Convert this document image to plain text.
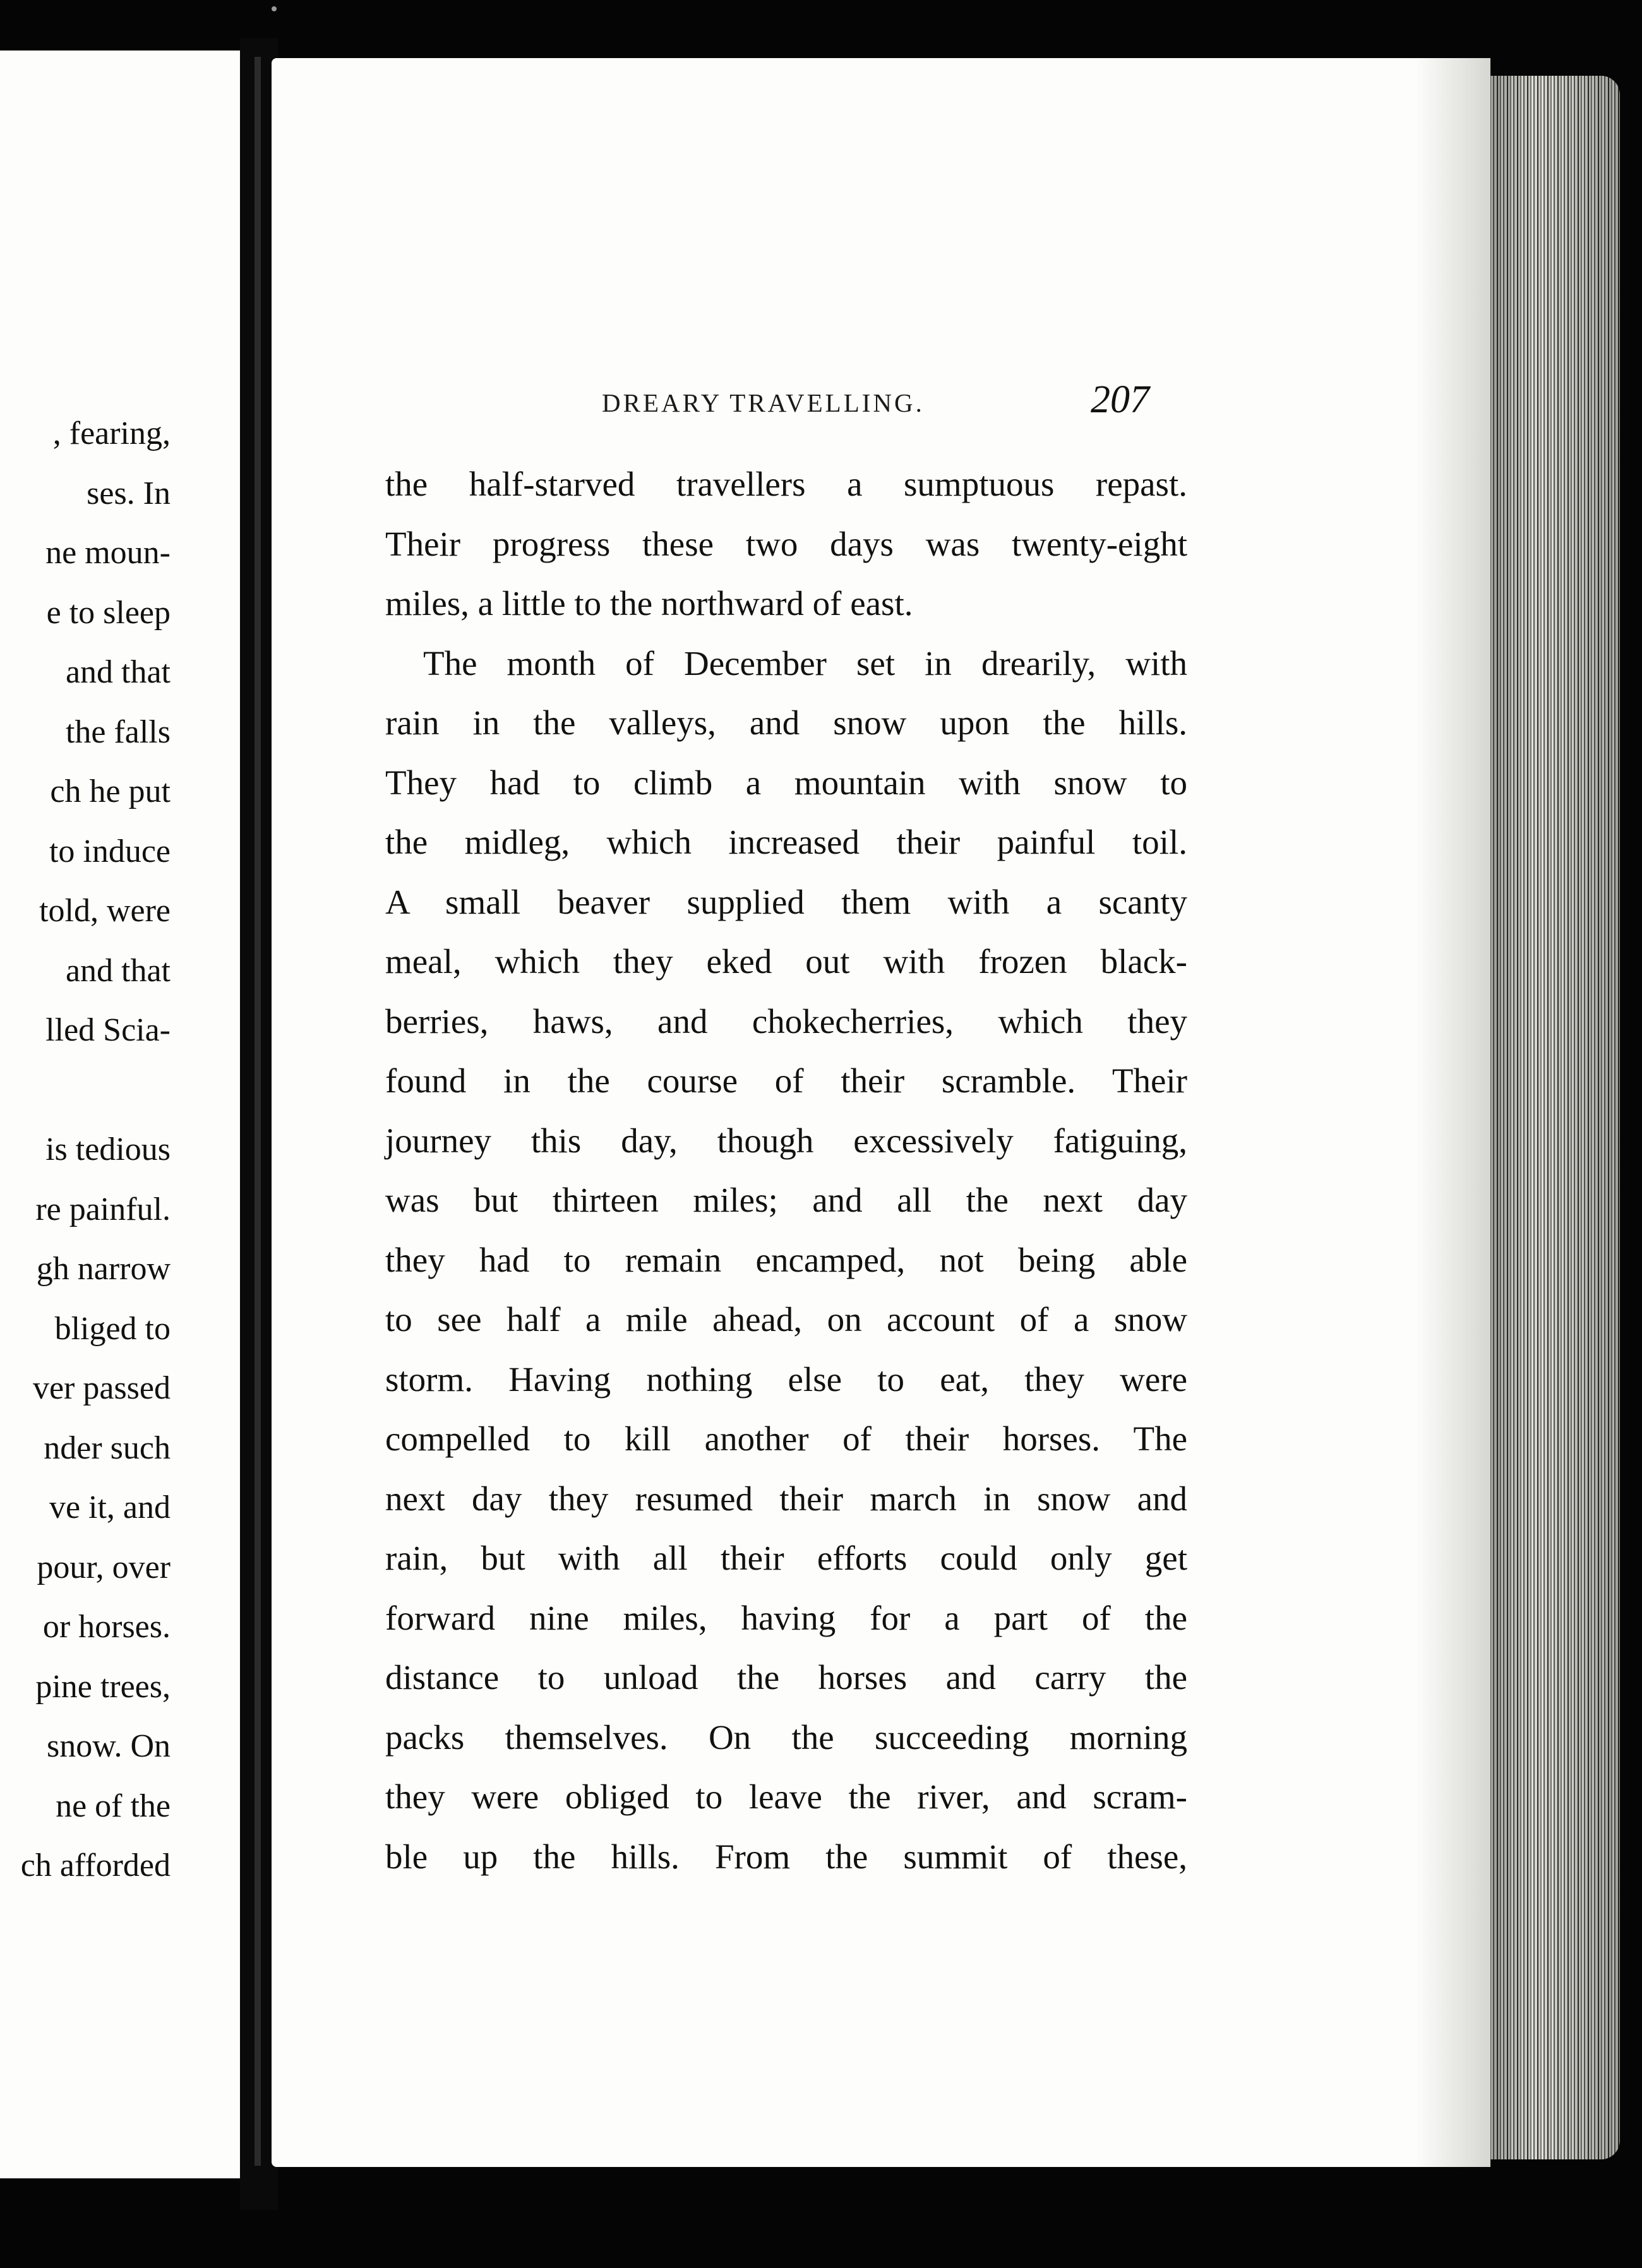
, fearing,
ses. In
ne moun-
e to sleep
and that
the falls
ch he put
to induce
told, were
and that
lled Scia-
is tedious
re painful.
gh narrow
bliged to
ver passed
nder such
ve it, and
pour, over
or horses.
pine trees,
snow. On
ne of the
ch afforded
DREARY TRAVELLING.	207
the half-starved travellers a sumptuous repast.
Their progress these two days was twenty-eight
miles, a little to the northward of east.
The month of December set in drearily, with
rain in the valleys, and snow upon the hills.
They had to climb a mountain with snow to
the midleg, which increased their painful toil.
A small beaver supplied them with a scanty
meal, which they eked out with frozen black-
berries, haws, and chokecherries, which they
found in the course of their scramble. Their
journey this day, though excessively fatiguing,
was but thirteen miles; and all the next day
they had to remain encamped, not being able
to see half a mile ahead, on account of a snow
storm. Having nothing else to eat, they were
compelled to kill another of their horses. The
next day they resumed their march in snow and
rain, but with all their efforts could only get
forward nine miles, having for a part of the
distance to unload the horses and carry the
packs themselves. On the succeeding morning
they were obliged to leave the river, and scram-
ble up the hills. From the summit of these,
